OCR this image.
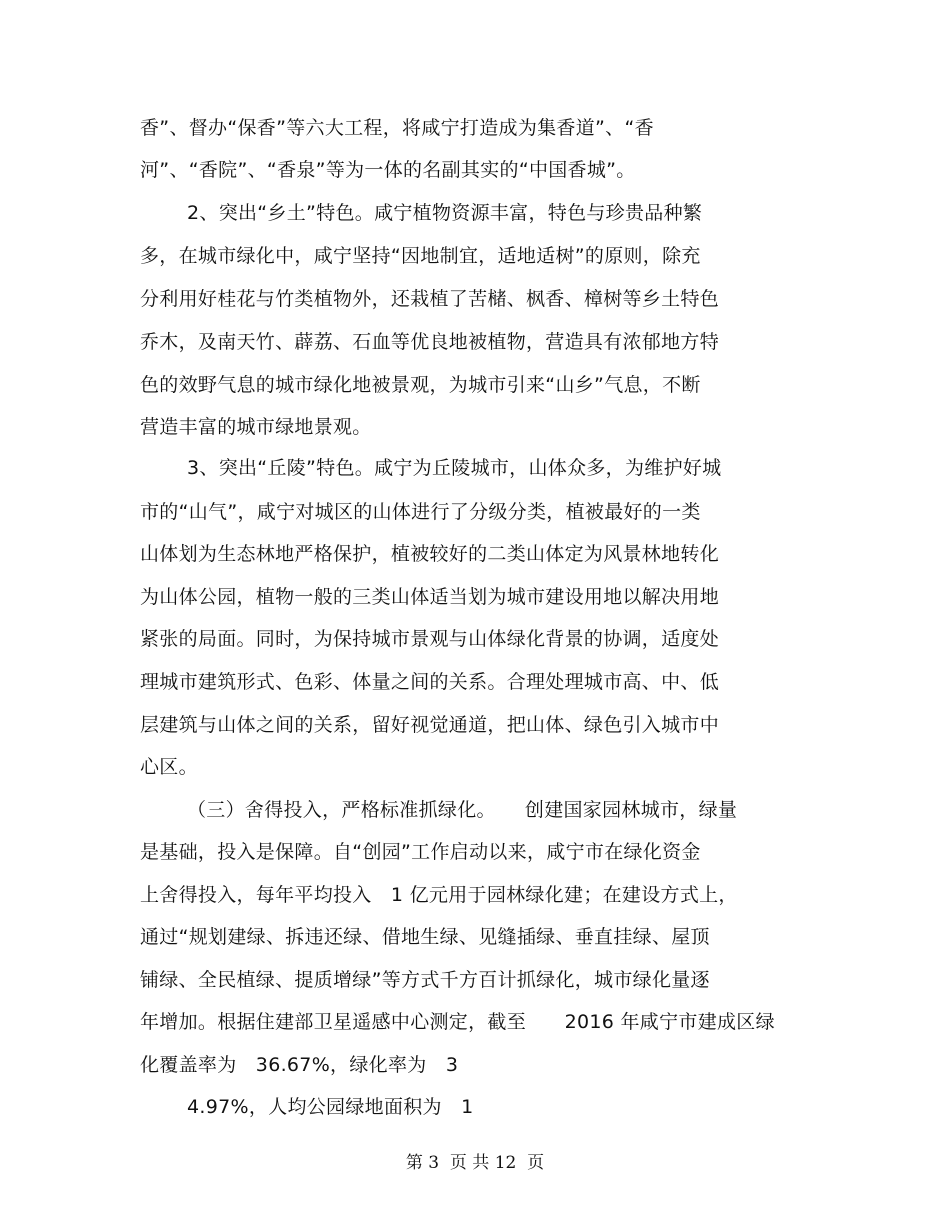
香”、督办“保香”等六大工程，将咸宁打造成为集香道”、“香
河”、“香院”、“香泉”等为一体的名副其实的“中国香城”。
2、突出“乡土”特色。咸宁植物资源丰富，特色与珍贵品种繁
多，在城市绿化中，咸宁坚持“因地制宜，适地适树”的原则，除充
分利用好桂花与竹类植物外，还栽植了苦槠、枫香、樟树等乡土特色
乔木，及南天竹、薜荔、石血等优良地被植物，营造具有浓郁地方特
色的效野气息的城市绿化地被景观，为城市引来“山乡”气息，不断
营造丰富的城市绿地景观。
3、突出“丘陵”特色。咸宁为丘陵城市，山体众多，为维护好城
市的“山气”，咸宁对城区的山体进行了分级分类，植被最好的一类
山体划为生态林地严格保护，植被较好的二类山体定为风景林地转化
为山体公园，植物一般的三类山体适当划为城市建设用地以解决用地
紧张的局面。同时，为保持城市景观与山体绿化背景的协调，适度处
理城市建筑形式、色彩、体量之间的关系。合理处理城市高、中、低
层建筑与山体之间的关系，留好视觉通道，把山体、绿色引入城市中
心区。
（三）舍得投入，严格标准抓绿化。　　创建国家园林城市，绿量
是基础，投入是保障。自“创园”工作启动以来，咸宁市在绿化资金
上舍得投入，每年平均投入　1 亿元用于园林绿化建；在建设方式上，
通过“规划建绿、拆违还绿、借地生绿、见缝插绿、垂直挂绿、屋顶
铺绿、全民植绿、提质增绿”等方式千方百计抓绿化，城市绿化量逐
年增加。根据住建部卫星遥感中心测定，截至　　2016 年咸宁市建成区绿
化覆盖率为　36.67%，绿化率为　3
4.97%，人均公园绿地面积为　1
第 3  页 共 12  页
